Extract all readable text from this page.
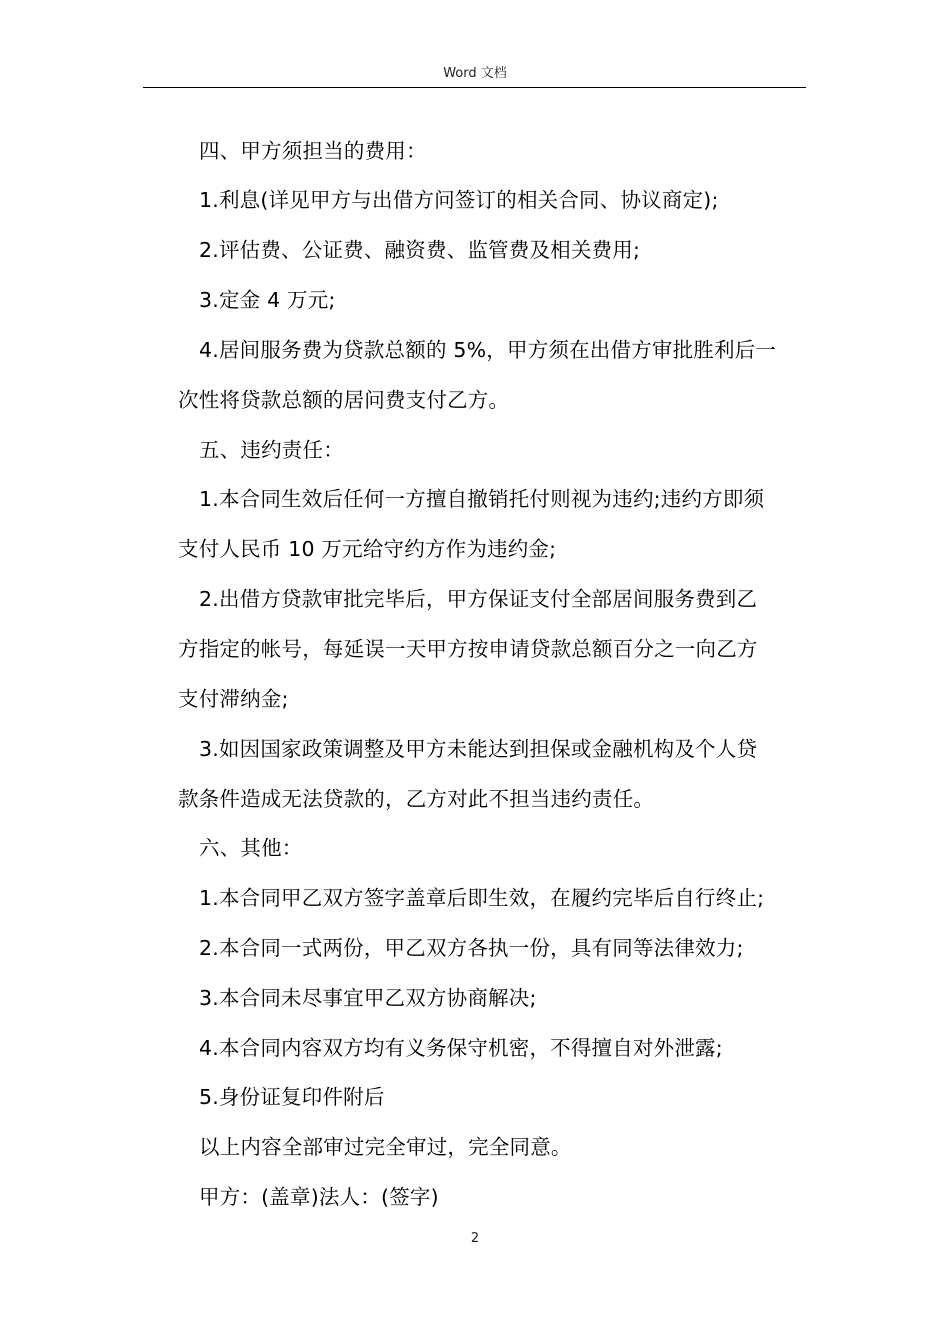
Word 文档
四、甲方须担当的费用：
1.利息(详见甲方与出借方问签订的相关合同、协议商定);
2.评估费、公证费、融资费、监管费及相关费用;
3.定金 4 万元;
4.居间服务费为贷款总额的 5%，甲方须在出借方审批胜利后一
次性将贷款总额的居问费支付乙方。
五、违约责任：
1.本合同生效后任何一方擅自撤销托付则视为违约;违约方即须
支付人民币 10 万元给守约方作为违约金;
2.出借方贷款审批完毕后，甲方保证支付全部居间服务费到乙
方指定的帐号，每延误一天甲方按申请贷款总额百分之一向乙方
支付滞纳金;
3.如因国家政策调整及甲方未能达到担保或金融机构及个人贷
款条件造成无法贷款的，乙方对此不担当违约责任。
六、其他：
1.本合同甲乙双方签字盖章后即生效，在履约完毕后自行终止;
2.本合同一式两份，甲乙双方各执一份，具有同等法律效力;
3.本合同未尽事宜甲乙双方协商解决;
4.本合同内容双方均有义务保守机密，不得擅自对外泄露;
5.身份证复印件附后
以上内容全部审过完全审过，完全同意。
甲方：(盖章)法人：(签字)
2
